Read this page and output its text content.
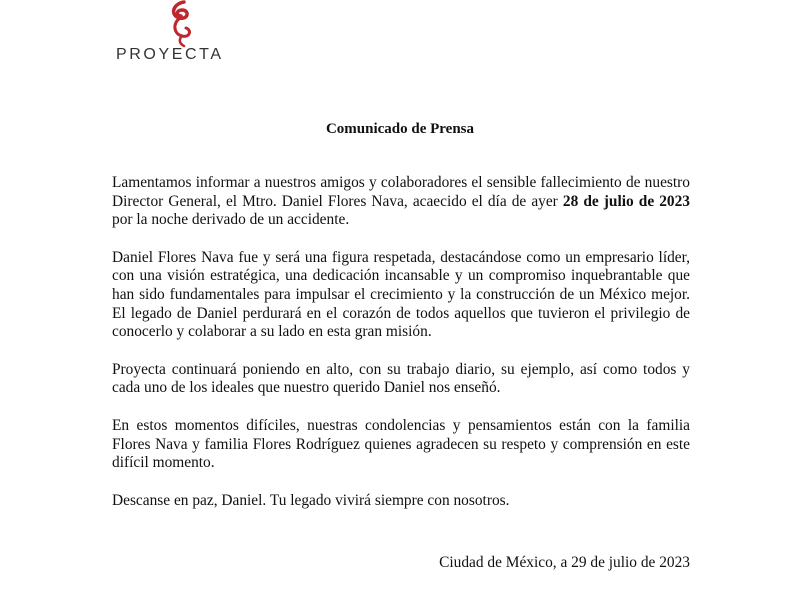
PROYECTA
Comunicado de Prensa

Lamentamos informar a nuestros amigos y colaboradores el sensible fallecimiento de nuestro Director General, el Mtro. Daniel Flores Nava, acaecido el día de ayer 28 de julio de 2023 por la noche derivado de un accidente.

Daniel Flores Nava fue y será una figura respetada, destacándose como un empresario líder, con una visión estratégica, una dedicación incansable y un compromiso inquebrantable que han sido fundamentales para impulsar el crecimiento y la construcción de un México mejor. El legado de Daniel perdurará en el corazón de todos aquellos que tuvieron el privilegio de conocerlo y colaborar a su lado en esta gran misión.

Proyecta continuará poniendo en alto, con su trabajo diario, su ejemplo, así como todos y cada uno de los ideales que nuestro querido Daniel nos enseñó.

En estos momentos difíciles, nuestras condolencias y pensamientos están con la familia Flores Nava y familia Flores Rodríguez quienes agradecen su respeto y comprensión en este difícil momento.

Descanse en paz, Daniel. Tu legado vivirá siempre con nosotros.

Ciudad de México, a 29 de julio de 2023
